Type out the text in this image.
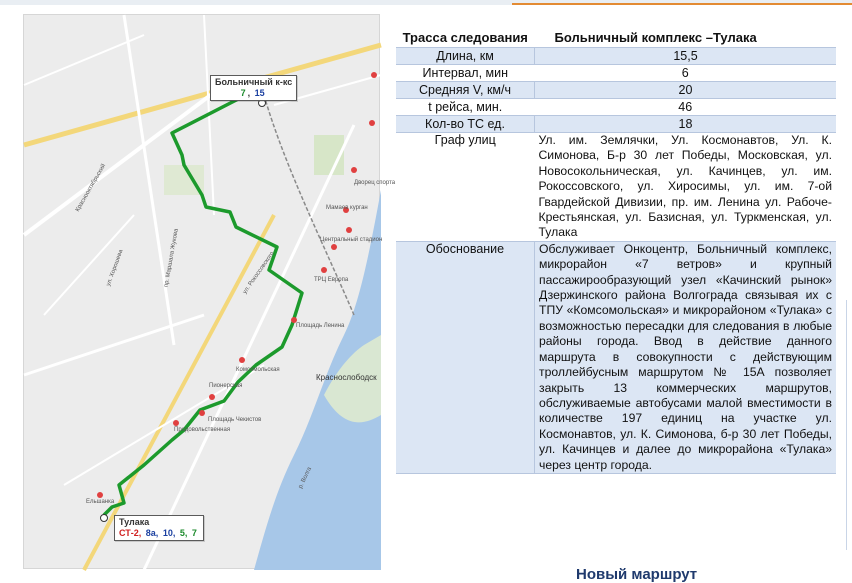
Краснооктябрьский
пр. Маршала Жукова	ул. Рокоссовского
ул. Хорошева
Краснослободск
р. Волга
Ельшанка
Площадь Ленина
Пионерская
Комсомольская
Мамаев курган
Дворец спорта
Центральный стадион
ТРЦ Европа
Площадь Чекистов
Продовольственная
Больничный к-кс
7 , 15
Тулака
СТ-2, 8а, 10, 5, 7
Трасса следования	Больничный комплекс –Тулака
Длина, км	15,5
Интервал, мин	6
Средняя V, км/ч	20
t рейса, мин.	46
Кол-во ТС ед.	18
Граф улиц	Ул. им. Землячки, Ул. Космонавтов, Ул. К. Симонова, Б-р 30 лет Победы, Московская, ул. Новосокольническая, ул. Качинцев, ул. им. Рокоссовского, ул. Хиросимы, ул. им. 7-ой Гвардейской Дивизии, пр. им. Ленина ул. Рабоче-Крестьянская, ул. Базисная, ул. Туркменская, ул. Тулака
Обоснование	Обслуживает Онкоцентр, Больничный комплекс, микрорайон «7 ветров» и крупный пассажирообразующий узел «Качинский рынок» Дзержинского района Волгограда связывая их с ТПУ «Комсомольская» и микрорайоном «Тулака» с возможностью пересадки для следования в любые районы города. Ввод в действие данного маршрута в совокупности с действующим троллейбусным маршрутом № 15А позволяет закрыть 13 коммерческих маршрутов, обслуживаемые автобусами малой вместимости в количестве 197 единиц на участке ул. Космонавтов, ул. К. Симонова, б-р 30 лет Победы, ул. Качинцев и далее до микрорайона «Тулака» через центр города.
Новый маршрут
